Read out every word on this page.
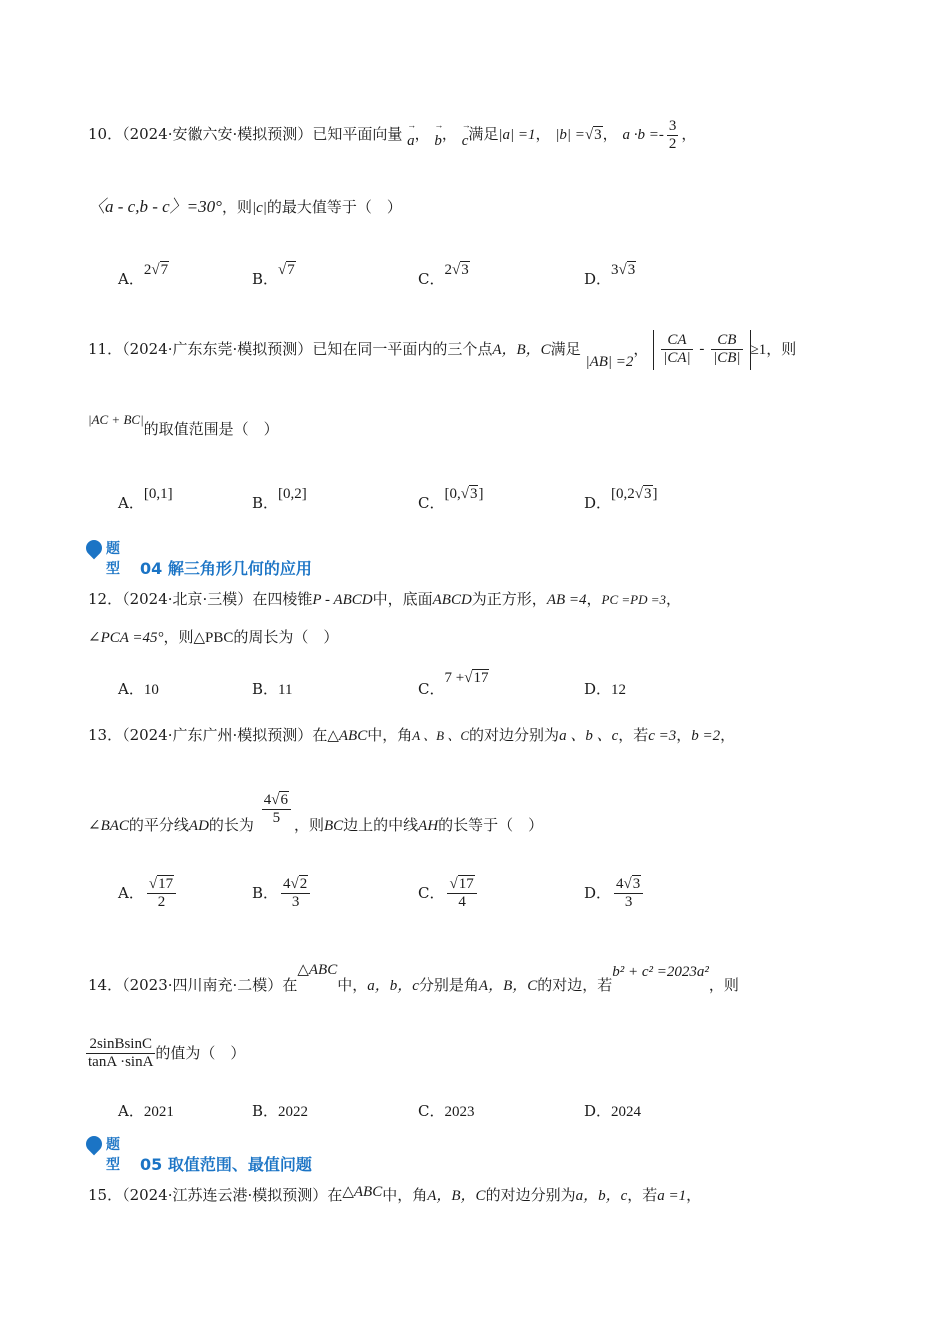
10．（2024·安徽六安·模拟预测）已知平面向量 → a， → b， → c满足|a| =1， |b| =√3， $a \cdot b =- \frac{3}{2}$ ，
〈a - c,b - c〉=30°，则|c|的最大值等于（　）
A．2√7	B．√7	C．2√3	D．3√3
11．（2024·广东东莞·模拟预测）已知在同一平面内的三个点A，B，C满足 |AB| =2， $\frac{CA}{|CA|} - \frac{CB}{|CB|} \ge 1$，则
|AC + BC|的取值范围是（　）
A．[0,1]	B．[0,2]	C．[0,√3]	D．[0,2√3]
题型 04 解三角形几何的应用
12．（2024·北京·三模）在四棱锥P - ABCD中，底面ABCD为正方形，AB =4，PC =PD =3，
∠PCA =45°，则△PBC的周长为（　）
A．10	B．11	C．7 +√17
D．12
13．（2024·广东广州·模拟预测）在△ABC中，角A 、B 、C的对边分别为a 、b 、c，若c =3，b =2，
∠BAC的平分线AD的长为 $\frac{4√6}{5}$ ，则BC边上的中线AH的长等于（　）
A． $\frac{√17}{2}$	B． $\frac{4√2}{3}$	C． $\frac{√17}{4}$	D． $\frac{4√3}{3}$
14．（2023·四川南充·二模）在△ABC中，a，b，c分别是角A，B，C的对边，若b² + c² =2023a²，则
$\frac{\text{2sinBsinC}}{\tan A \cdot\sin A}$ 的值为（　）
A．2021	B．2022	C．2023	D．2024
题型 05 取值范围、最值问题
15．（2024·江苏连云港·模拟预测）在△ABC中，角A，B，C的对边分别为a，b，c，若a =1，
